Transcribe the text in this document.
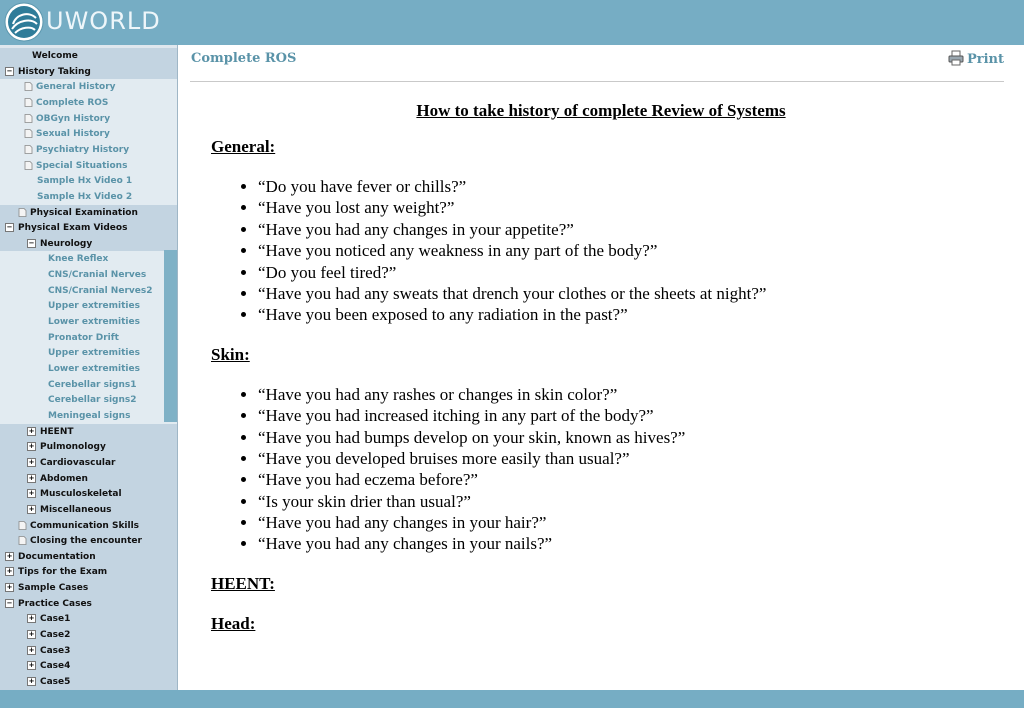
UWORLD
Welcome
− History Taking
General History
Complete ROS
OBGyn History
Sexual History
Psychiatry History
Special Situations
Sample Hx Video 1
Sample Hx Video 2
Physical Examination
− Physical Exam Videos
− Neurology
Knee Reflex
CNS/Cranial Nerves
CNS/Cranial Nerves2
Upper extremities
Lower extremities
Pronator Drift
Upper extremities
Lower extremities
Cerebellar signs1
Cerebellar signs2
Meningeal signs
+ HEENT
+ Pulmonology
+ Cardiovascular
+ Abdomen
+ Musculoskeletal
+ Miscellaneous
Communication Skills
Closing the encounter
+ Documentation
+ Tips for the Exam
+ Sample Cases
− Practice Cases
+ Case1
+ Case2
+ Case3
+ Case4
+ Case5
Complete ROS	Print
How to take history of complete Review of Systems
General:
• “Do you have fever or chills?”
• “Have you lost any weight?”
• “Have you had any changes in your appetite?”
• “Have you noticed any weakness in any part of the body?”
• “Do you feel tired?”
• “Have you had any sweats that drench your clothes or the sheets at night?”
• “Have you been exposed to any radiation in the past?”
Skin:
• “Have you had any rashes or changes in skin color?”
• “Have you had increased itching in any part of the body?”
• “Have you had bumps develop on your skin, known as hives?”
• “Have you developed bruises more easily than usual?”
• “Have you had eczema before?”
• “Is your skin drier than usual?”
• “Have you had any changes in your hair?”
• “Have you had any changes in your nails?”
HEENT:
Head:
